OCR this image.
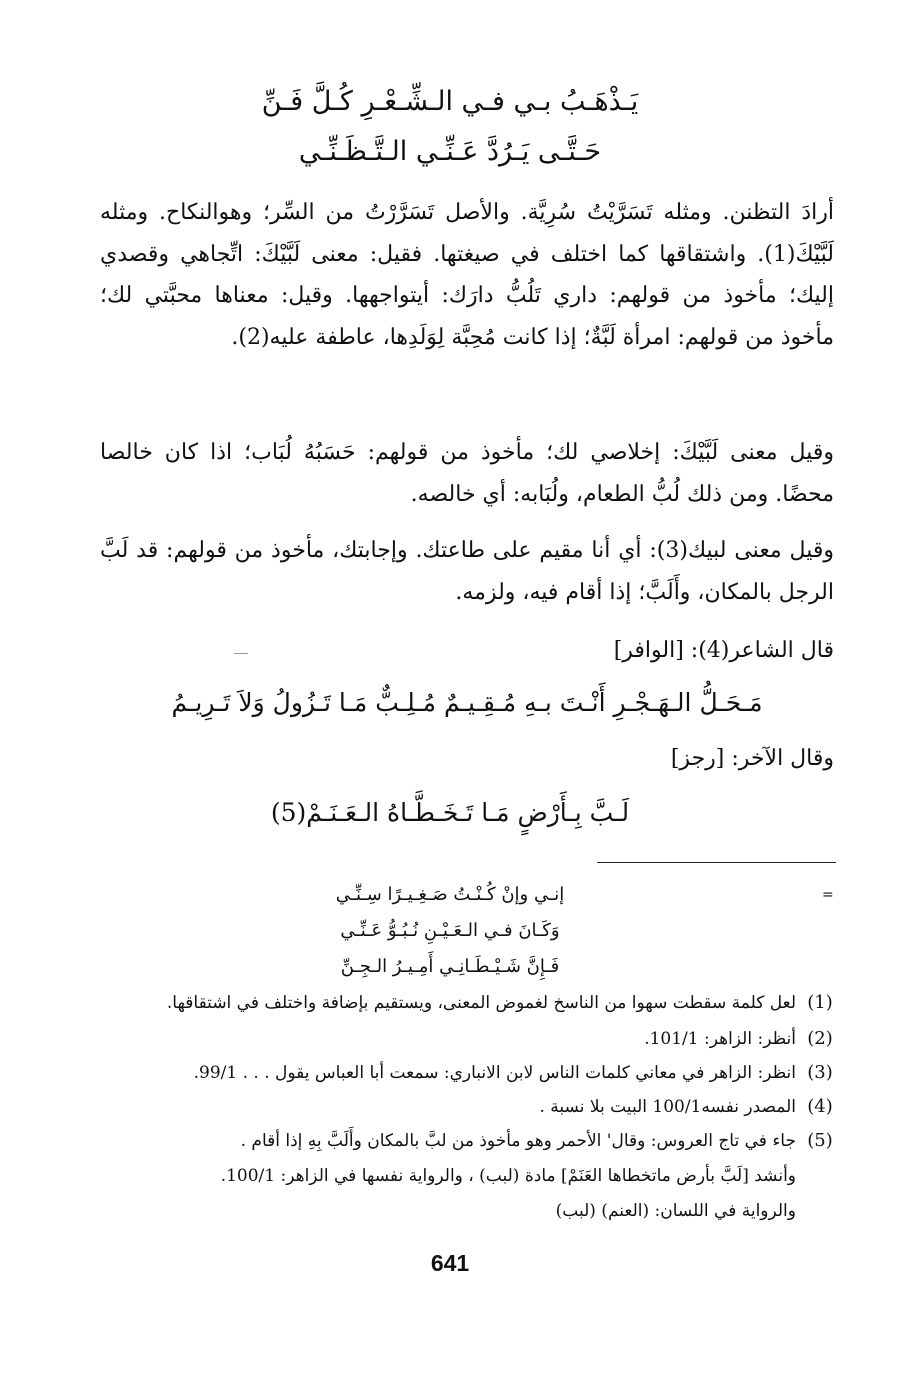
يَـذْهَـبُ بـي فـي الـشِّـعْـرِ كُـلَّ فَـنِّ
حَـتَّـى يَـرُدَّ عَـنِّـي الـتَّـظَـنِّـي

أرادَ التظنن. ومثله تَسَرَّيْتُ سُرِيَّة. والأصل تَسَرَّرْتُ من السِّر؛ وهوالنكاح. ومثله لَبَّيْكَ(1). واشتقاقها كما اختلف في صيغتها. فقيل: معنى لَبَّيْكَ: اتِّجاهي وقصدي إليك؛ مأخوذ من قولهم: داري تَلُبُّ دارَك: أيتواجهها. وقيل: معناها محبَّتي لك؛ مأخوذ من قولهم: امرأة لَبَّةٌ؛ إذا كانت مُحِبَّة لِوَلَدِها، عاطفة عليه(2).

وقيل معنى لَبَّيْكَ: إخلاصي لك؛ مأخوذ من قولهم: حَسَبُهُ لُبَاب؛ اذا كان خالصا محضًا. ومن ذلك لُبُّ الطعام، ولُبَابه: أي خالصه.

وقيل معنى لبيك(3): أي أنا مقيم على طاعتك. وإجابتك، مأخوذ من قولهم: قد لَبَّ الرجل بالمكان، وأَلَبَّ؛ إذا أقام فيه، ولزمه.

قال الشاعر(4): [الوافر]
مَـحَـلُّ الـهَـجْـرِ أَنْـتَ بـهِ مُـقِـيـمٌ مُـلِـبٌّ مَـا تَـزُولُ وَلاَ تَـرِيـمُ
وقال الآخر: [رجز]
لَـبَّ بِـأَرْضٍ مَـا تَـخَـطَّـاهُ الـعَـنَـمْ(5)
=
إنـي وإنْ كُـنْـتُ صَـغِـيـرًا سِـنِّـي
وَكَـانَ فـي الـعَـيْـنِ نُـبُـوُّ عَـنِّـي
فَـإِنَّ شَـيْـطَـانِـي أَمِـيـرُ الـجِـنِّ
(1)
لعل كلمة سقطت سهوا من الناسخ لغموض المعنى، ويستقيم بإضافة واختلف في اشتقاقها.
(2)
أنظر: الزاهر: 101/1.
(3)
انظر: الزاهر في معاني كلمات الناس لابن الانباري: سمعت أبا العباس يقول . . . 99/1.
(4)
المصدر نفسه100/1 البيت بلا نسبة .
(5)
جاء في تاج العروس: وقال' الأحمر وهو مأخوذ من لبَّ بالمكان وأَلَبَّ بِهِ إذا أقام .
وأنشد [لَبَّ بأرض ماتخطاها العَنَمْ] مادة (لبب) ، والرواية نفسها في الزاهر: 100/1.
والرواية في اللسان: (العنم) (لبب)
641
